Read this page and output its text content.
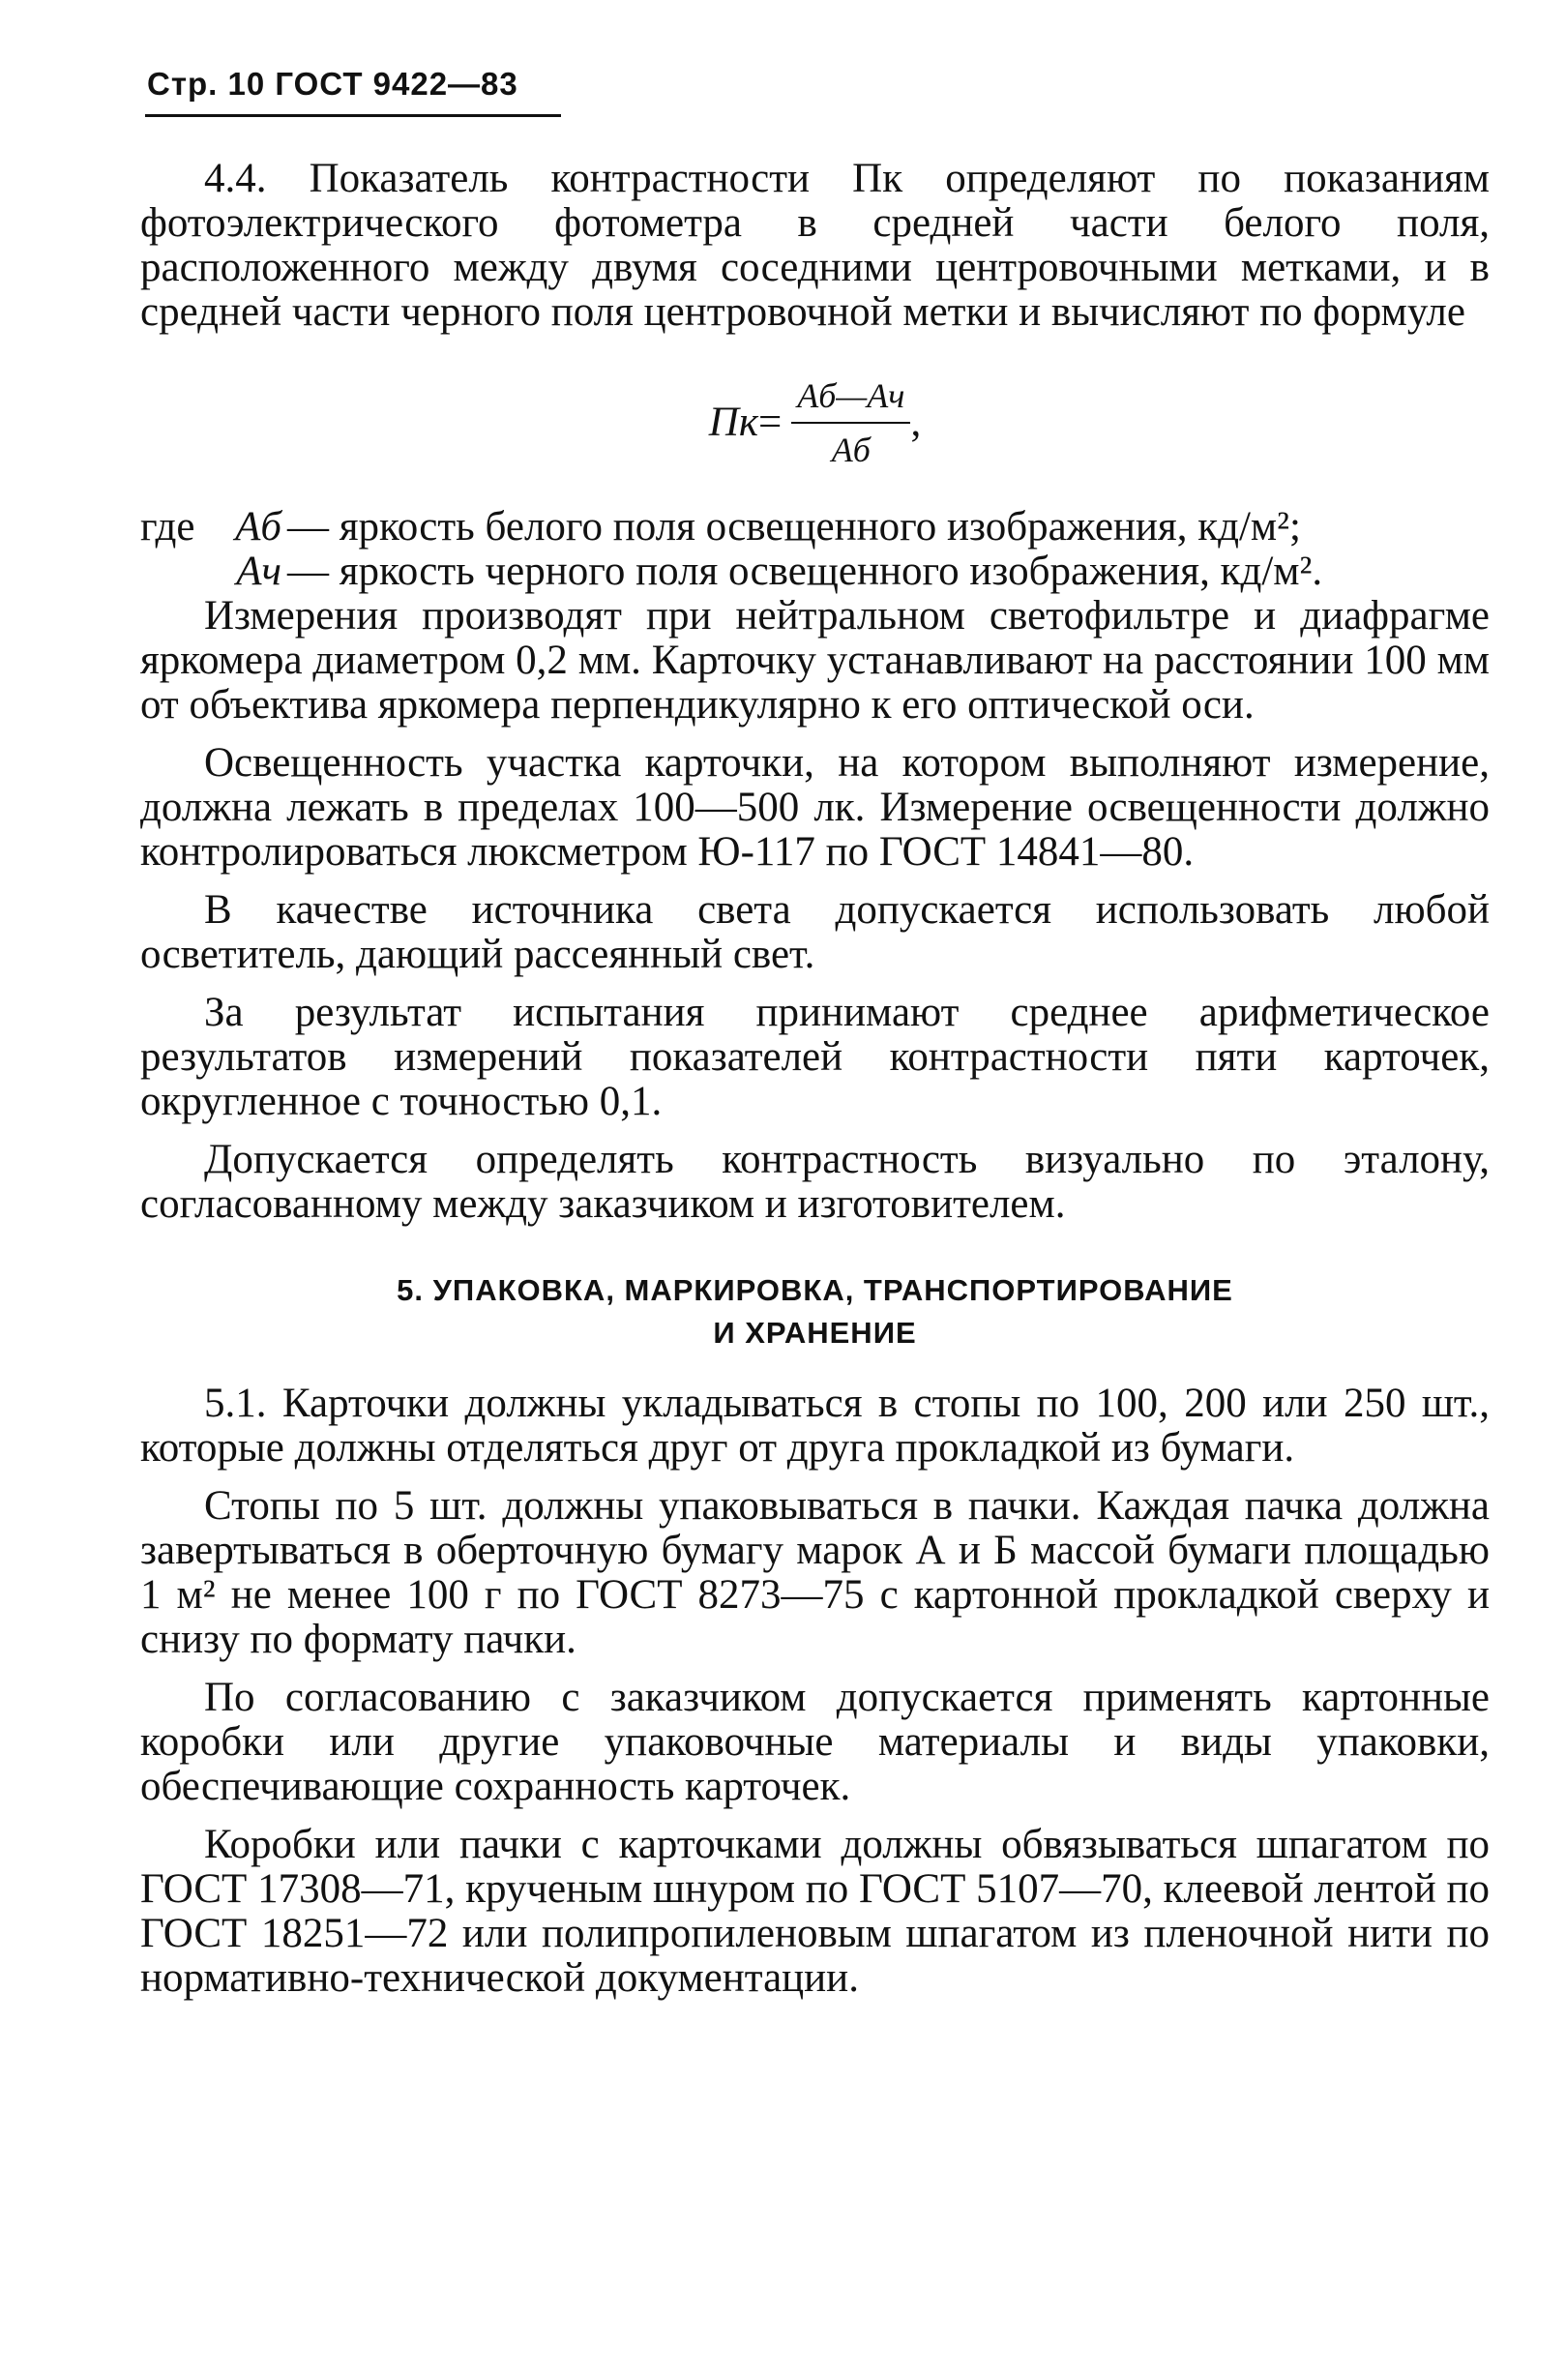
Стр. 10 ГОСТ 9422—83

4.4. Показатель контрастности Пк определяют по показаниям фотоэлектрического фотометра в средней части белого поля, расположенного между двумя соседними центровочными метками, и в средней части черного поля центровочной метки и вычисляют по формуле

Пк = $\frac{Aб—Aч}{Aб}$ ,
где Aб — яркость белого поля освещенного изображения, кд/м²;
Aч — яркость черного поля освещенного изображения, кд/м².

Измерения производят при нейтральном светофильтре и диафрагме яркомера диаметром 0,2 мм. Карточку устанавливают на расстоянии 100 мм от объектива яркомера перпендикулярно к его оптической оси.

Освещенность участка карточки, на котором выполняют измерение, должна лежать в пределах 100—500 лк. Измерение освещенности должно контролироваться люксметром Ю-117 по ГОСТ 14841—80.

В качестве источника света допускается использовать любой осветитель, дающий рассеянный свет.

За результат испытания принимают среднее арифметическое результатов измерений показателей контрастности пяти карточек, округленное с точностью 0,1.

Допускается определять контрастность визуально по эталону, согласованному между заказчиком и изготовителем.

5. УПАКОВКА, МАРКИРОВКА, ТРАНСПОРТИРОВАНИЕ
И ХРАНЕНИЕ

5.1. Карточки должны укладываться в стопы по 100, 200 или 250 шт., которые должны отделяться друг от друга прокладкой из бумаги.

Стопы по 5 шт. должны упаковываться в пачки. Каждая пачка должна завертываться в оберточную бумагу марок А и Б массой бумаги площадью 1 м² не менее 100 г по ГОСТ 8273—75 с картонной прокладкой сверху и снизу по формату пачки.

По согласованию с заказчиком допускается применять картонные коробки или другие упаковочные материалы и виды упаковки, обеспечивающие сохранность карточек.

Коробки или пачки с карточками должны обвязываться шпагатом по ГОСТ 17308—71, крученым шнуром по ГОСТ 5107—70, клеевой лентой по ГОСТ 18251—72 или полипропиленовым шпагатом из пленочной нити по нормативно-технической документации.
